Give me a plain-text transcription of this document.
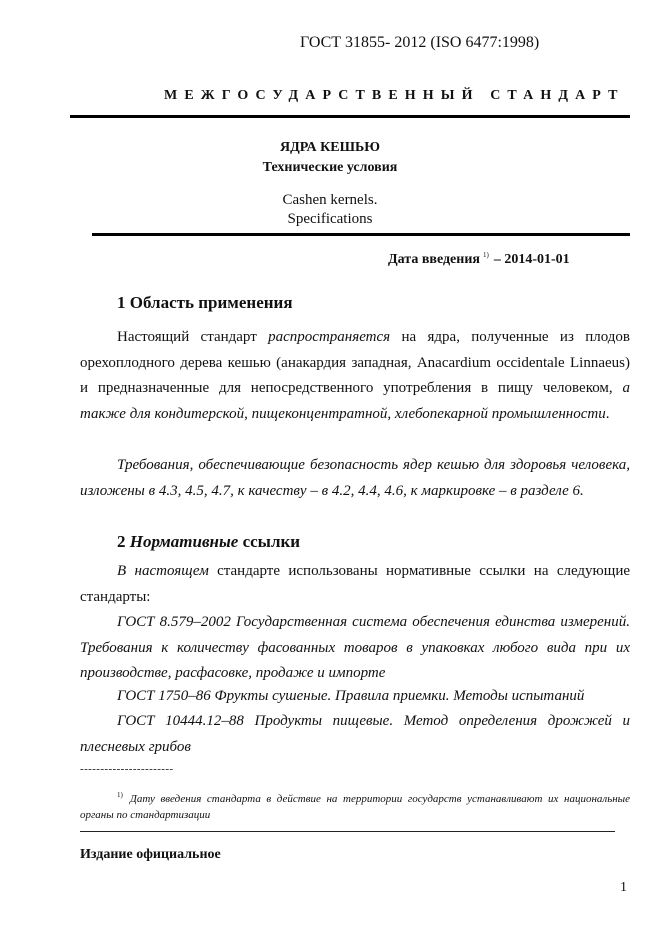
ГОСТ 31855- 2012 (ISO 6477:1998)
МЕЖГОСУДАРСТВЕННЫЙ СТАНДАРТ
ЯДРА КЕШЬЮ
Технические условия
Cashen kernels.
Specifications
Дата введения $^{1)}$ – 2014-01-01
1 Область применения
Настоящий стандарт распространяется на ядра, полученные из плодов орехоплодного дерева кешью (анакардия западная, Anacardium occidentale Linnaeus) и предназначенные для непосредственного употребления в пищу человеком, а также для кондитерской, пищеконцентратной, хлебопекарной промышленности.
Требования, обеспечивающие безопасность ядер кешью для здоровья человека, изложены в 4.3, 4.5, 4.7, к качеству – в 4.2, 4.4, 4.6, к маркировке – в разделе 6.
2 Нормативные ссылки
В настоящем стандарте использованы нормативные ссылки на следующие стандарты:
ГОСТ 8.579–2002 Государственная система обеспечения единства измерений. Требования к количеству фасованных товаров в упаковках любого вида при их производстве, расфасовке, продаже и импорте
ГОСТ 1750–86 Фрукты сушеные. Правила приемки. Методы испытаний
ГОСТ 10444.12–88 Продукты пищевые. Метод определения дрожжей и плесневых грибов
-----------------------
$^{1)}$ Дату введения стандарта в действие на территории государств устанавливают их национальные органы по стандартизации
Издание официальное
1
